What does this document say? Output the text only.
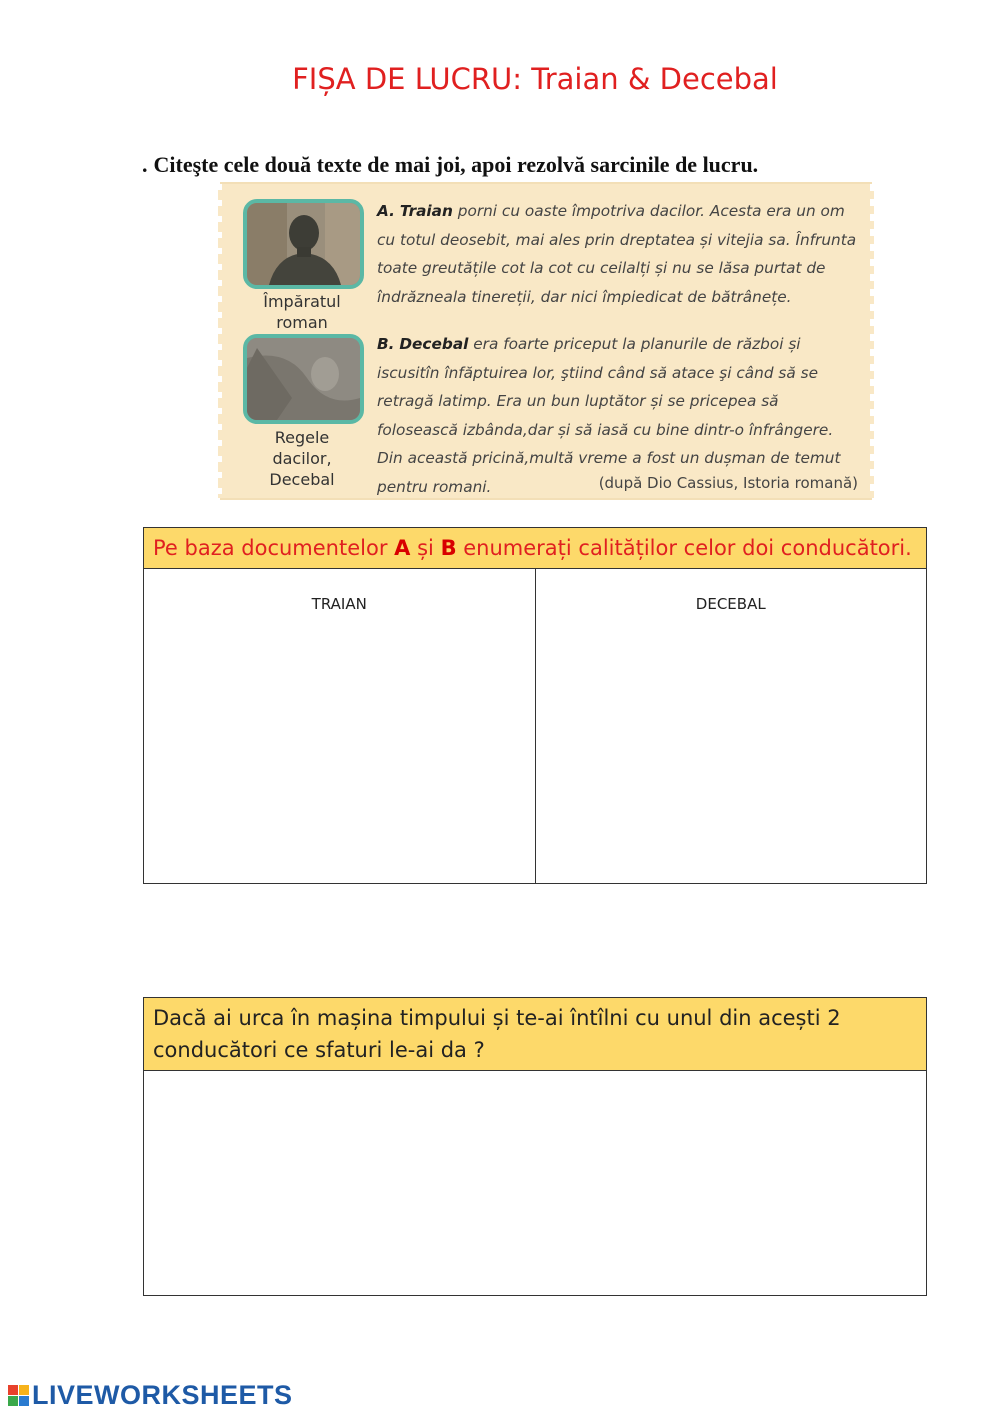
FIȘA DE LUCRU: Traian & Decebal
. Citeşte cele două texte de mai joi, apoi rezolvă sarcinile de lucru.
Împăratul
roman
Regele
dacilor,
Decebal
A. Traian porni cu oaste împotriva dacilor. Acesta era un om cu totul deosebit, mai ales prin dreptatea și vitejia sa. Înfrunta toate greutățile cot la cot cu ceilalți și nu se lăsa purtat de îndrăzneala tinereții, dar nici împiedicat de bătrânețe.
B. Decebal era foarte priceput la planurile de război și iscusitîn înfăptuirea lor, ştiind când să atace şi când să se retragă latimp. Era un bun luptător și se pricepea să folosească izbânda,dar și să iasă cu bine dintr-o înfrângere. Din această pricină,multă vreme a fost un dușman de temut pentru romani.	(după Dio Cassius, Istoria romană)
Pe baza documentelor A și B enumerați calităților celor doi conducători.
TRAIAN	DECEBAL
Dacă ai urca în mașina timpului și te-ai întîlni cu unul din acești 2 conducători ce sfaturi le-ai da ?
LIVEWORKSHEETS
